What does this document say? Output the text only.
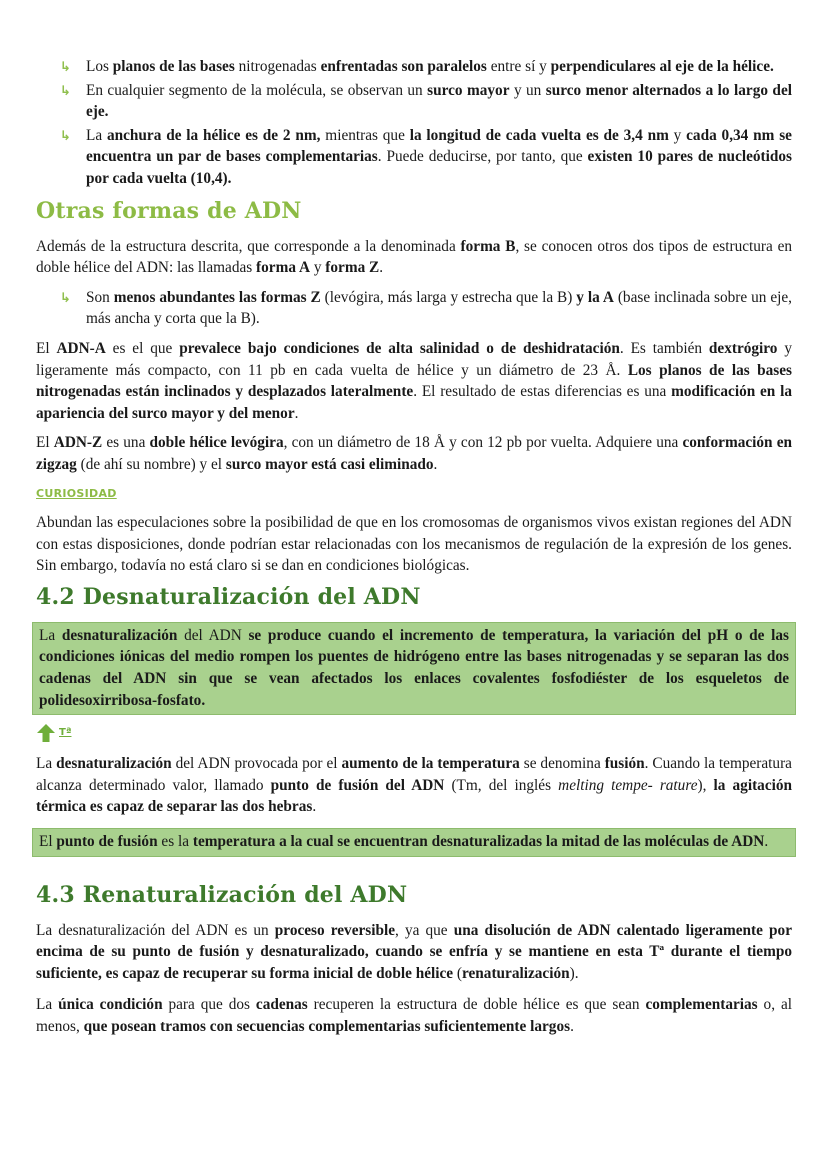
↳ Los planos de las bases nitrogenadas enfrentadas son paralelos entre sí y perpendiculares al eje de la hélice.
↳ En cualquier segmento de la molécula, se observan un surco mayor y un surco menor alternados a lo largo del eje.
↳ La anchura de la hélice es de 2 nm, mientras que la longitud de cada vuelta es de 3,4 nm y cada 0,34 nm se encuentra un par de bases complementarias. Puede deducirse, por tanto, que existen 10 pares de nucleótidos por cada vuelta (10,4).
Otras formas de ADN

Además de la estructura descrita, que corresponde a la denominada forma B, se conocen otros dos tipos de estructura en doble hélice del ADN: las llamadas forma A y forma Z.

↳ Son menos abundantes las formas Z (levógira, más larga y estrecha que la B) y la A (base inclinada sobre un eje, más ancha y corta que la B).

El ADN-A es el que prevalece bajo condiciones de alta salinidad o de deshidratación. Es también dextrógiro y ligeramente más compacto, con 11 pb en cada vuelta de hélice y un diámetro de 23 Å. Los planos de las bases nitrogenadas están inclinados y desplazados lateralmente. El resultado de estas diferencias es una modificación en la apariencia del surco mayor y del menor.

El ADN-Z es una doble hélice levógira, con un diámetro de 18 Å y con 12 pb por vuelta. Adquiere una conformación en zigzag (de ahí su nombre) y el surco mayor está casi eliminado.

CURIOSIDAD

Abundan las especulaciones sobre la posibilidad de que en los cromosomas de organismos vivos existan regiones del ADN con estas disposiciones, donde podrían estar relacionadas con los mecanismos de regulación de la expresión de los genes. Sin embargo, todavía no está claro si se dan en condiciones biológicas.

4.2 Desnaturalización del ADN

La desnaturalización del ADN se produce cuando el incremento de temperatura, la variación del pH o de las condiciones iónicas del medio rompen los puentes de hidrógeno entre las bases nitrogenadas y se separan las dos cadenas del ADN sin que se vean afectados los enlaces covalentes fosfodiéster de los esqueletos de polidesoxirribosa-fosfato.

Tª

La desnaturalización del ADN provocada por el aumento de la temperatura se denomina fusión. Cuando la temperatura alcanza determinado valor, llamado punto de fusión del ADN (Tm, del inglés melting tempe- rature), la agitación térmica es capaz de separar las dos hebras.

El punto de fusión es la temperatura a la cual se encuentran desnaturalizadas la mitad de las moléculas de ADN.

4.3 Renaturalización del ADN

La desnaturalización del ADN es un proceso reversible, ya que una disolución de ADN calentado ligeramente por encima de su punto de fusión y desnaturalizado, cuando se enfría y se mantiene en esta Tª durante el tiempo suficiente, es capaz de recuperar su forma inicial de doble hélice (renaturalización).

La única condición para que dos cadenas recuperen la estructura de doble hélice es que sean complementarias o, al menos, que posean tramos con secuencias complementarias suficientemente largos.
